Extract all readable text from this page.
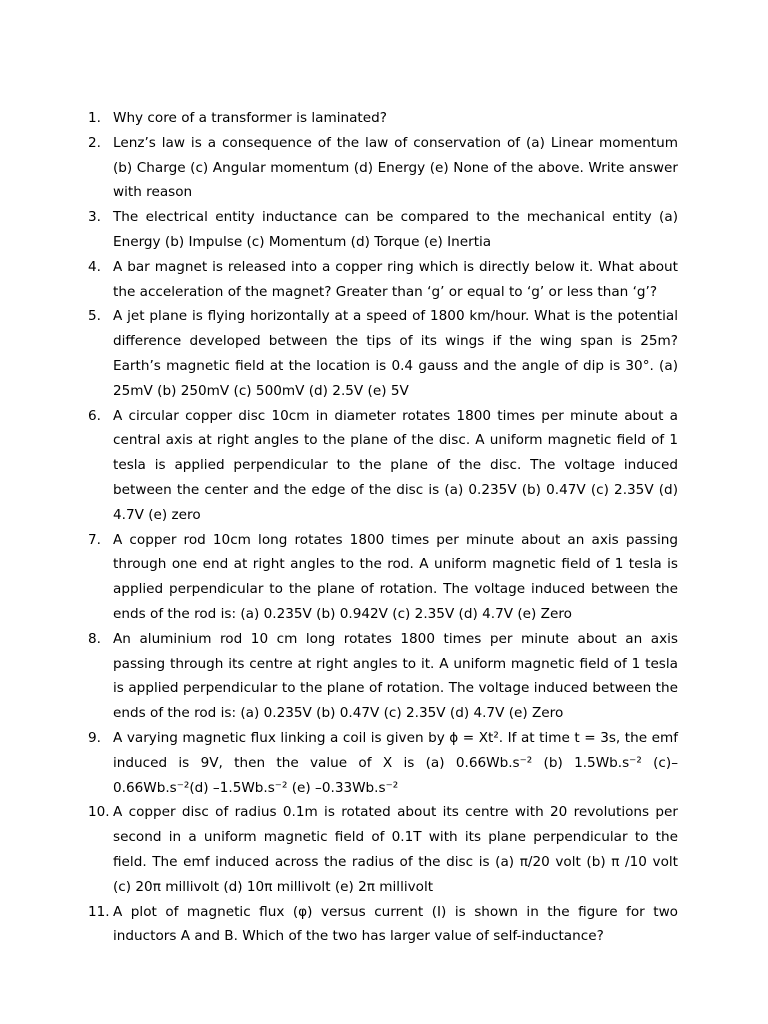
1. Why core of a transformer is laminated?
2. Lenz’s law is a consequence of the law of conservation of (a) Linear momentum (b) Charge (c) Angular momentum (d) Energy (e) None of the above. Write answer with reason
3. The electrical entity inductance can be compared to the mechanical entity (a) Energy (b) Impulse (c) Momentum (d) Torque (e) Inertia
4. A bar magnet is released into a copper ring which is directly below it. What about the acceleration of the magnet? Greater than ‘g’ or equal to ‘g’ or less than ‘g’?
5. A jet plane is flying horizontally at a speed of 1800 km/hour. What is the potential difference developed between the tips of its wings if the wing span is 25m? Earth’s magnetic field at the location is 0.4 gauss and the angle of dip is 30°. (a) 25mV (b) 250mV (c) 500mV (d) 2.5V (e) 5V
6. A circular copper disc 10cm in diameter rotates 1800 times per minute about a central axis at right angles to the plane of the disc. A uniform magnetic field of 1 tesla is applied perpendicular to the plane of the disc. The voltage induced between the center and the edge of the disc is (a) 0.235V (b) 0.47V (c) 2.35V (d) 4.7V (e) zero
7. A copper rod 10cm long rotates 1800 times per minute about an axis passing through one end at right angles to the rod. A uniform magnetic field of 1 tesla is applied perpendicular to the plane of rotation. The voltage induced between the ends of the rod is: (a) 0.235V (b) 0.942V (c) 2.35V (d) 4.7V (e) Zero
8. An aluminium rod 10 cm long rotates 1800 times per minute about an axis passing through its centre at right angles to it. A uniform magnetic field of 1 tesla is applied perpendicular to the plane of rotation. The voltage induced between the ends of the rod is: (a) 0.235V (b) 0.47V (c) 2.35V (d) 4.7V (e) Zero
9. A varying magnetic flux linking a coil is given by ϕ = Xt². If at time t = 3s, the emf induced is 9V, then the value of X is (a) 0.66Wb.s⁻² (b) 1.5Wb.s⁻² (c)–0.66Wb.s⁻²(d) –1.5Wb.s⁻² (e) –0.33Wb.s⁻²
10. A copper disc of radius 0.1m is rotated about its centre with 20 revolutions per second in a uniform magnetic field of 0.1T with its plane perpendicular to the field. The emf induced across the radius of the disc is (a) π/20 volt (b) π /10 volt (c) 20π millivolt (d) 10π millivolt (e) 2π millivolt
11. A plot of magnetic flux (φ) versus current (I) is shown in the figure for two inductors A and B. Which of the two has larger value of self-inductance?
